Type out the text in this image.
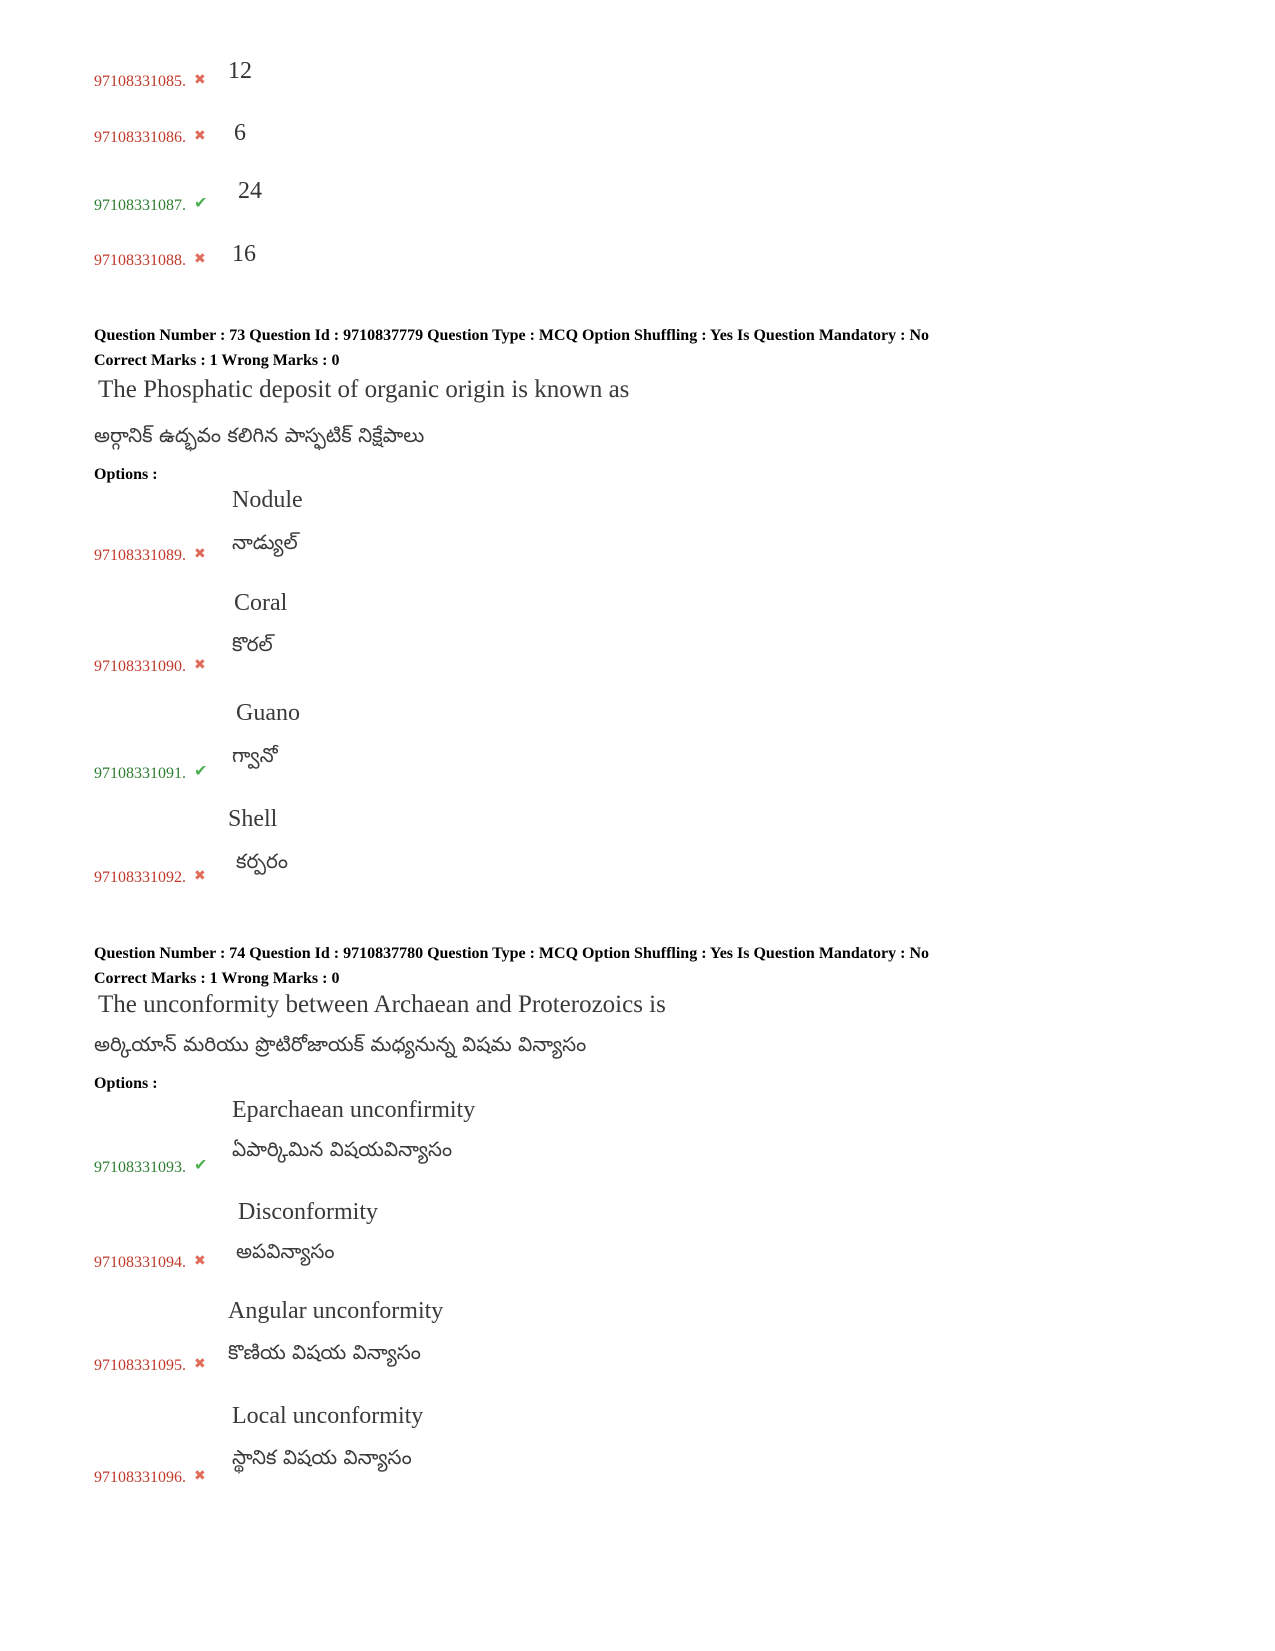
97108331085. ✖ 12
97108331086. ✖ 6
97108331087. ✔ 24
97108331088. ✖ 16
Question Number : 73 Question Id : 9710837779 Question Type : MCQ Option Shuffling : Yes Is Question Mandatory : No
Correct Marks : 1 Wrong Marks : 0
The Phosphatic deposit of organic origin is known as
అర్గానిక్ ఉద్భవం కలిగిన పాస్ఫటిక్ నిక్షేపాలు
Options :
Nodule
నాడ్యుల్
97108331089. ✖
Coral
కొరల్
97108331090. ✖
Guano
గ్వానో
97108331091. ✔
Shell
కర్పరం
97108331092. ✖
Question Number : 74 Question Id : 9710837780 Question Type : MCQ Option Shuffling : Yes Is Question Mandatory : No
Correct Marks : 1 Wrong Marks : 0
The unconformity between Archaean and Proterozoics is
అర్కియాన్ మరియు ప్రొటిరోజాయక్ మధ్యనున్న విషమ విన్యాసం
Options :
Eparchaean unconfirmity
ఏపార్కిమిన విషయవిన్యాసం
97108331093. ✔
Disconformity
అపవిన్యాసం
97108331094. ✖
Angular unconformity
కొణియ విషయ విన్యాసం
97108331095. ✖
Local unconformity
స్థానిక విషయ విన్యాసం
97108331096. ✖
